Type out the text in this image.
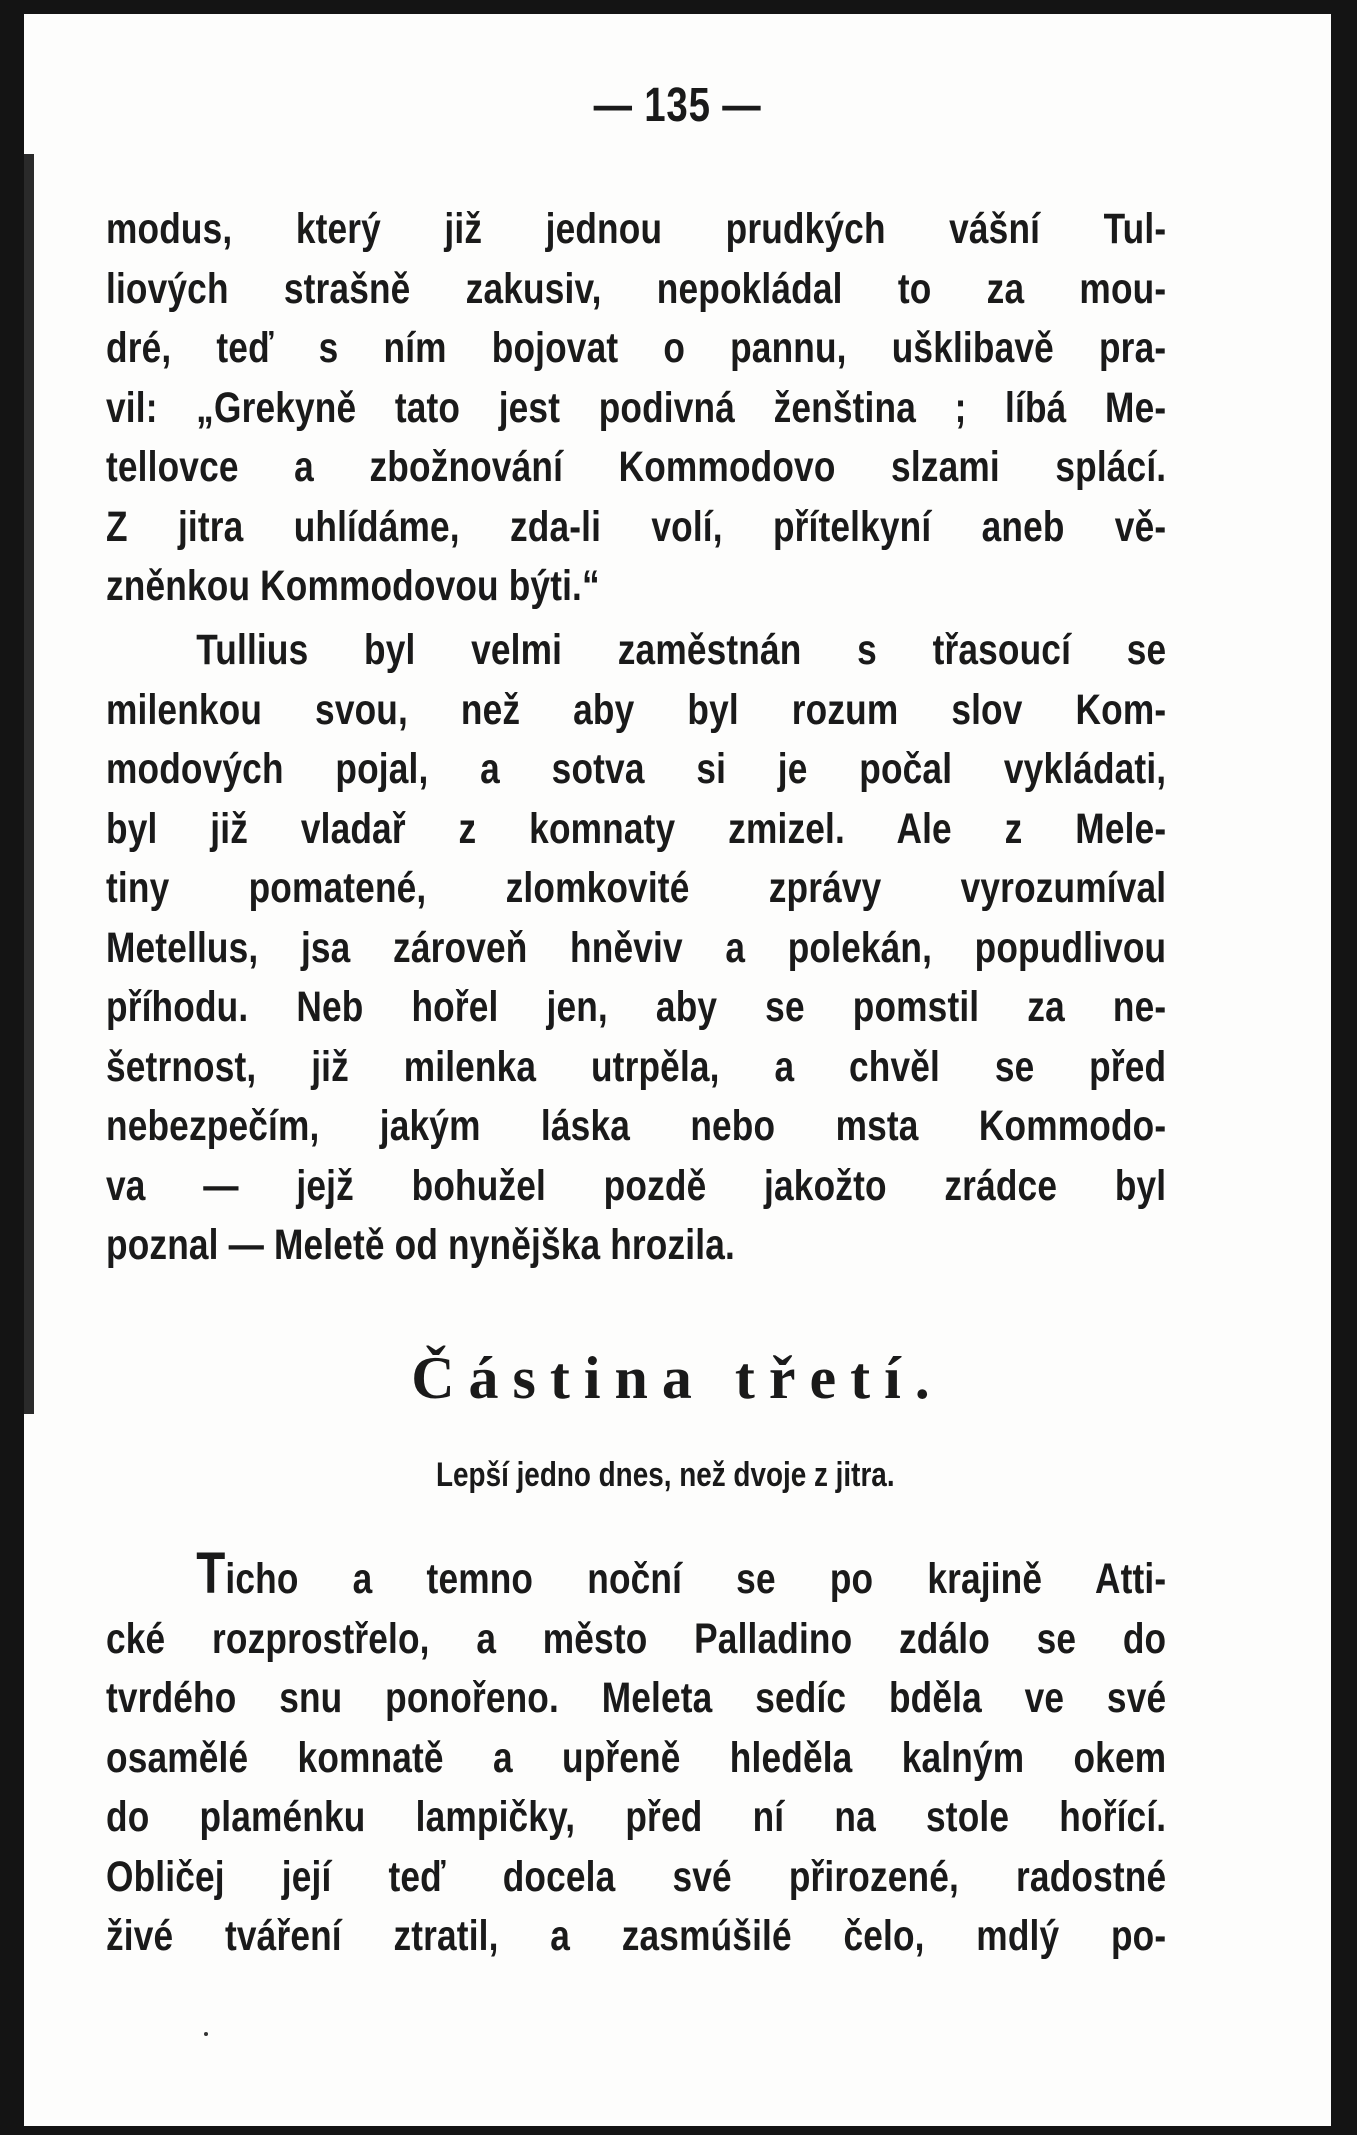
— 135 —
modus, který již jednou prudkých vášní Tul-
liových strašně zakusiv, nepokládal to za mou-
dré, teď s ním bojovat o pannu, ušklibavě pra-
vil: „Grekyně tato jest podivná ženština ; líbá Me-
tellovce a zbožnování Kommodovo slzami splácí.
Z jitra uhlídáme, zda-li volí, přítelkyní aneb vě-
zněnkou Kommodovou býti.“
Tullius byl velmi zaměstnán s třasoucí se
milenkou svou, než aby byl rozum slov Kom-
modových pojal, a sotva si je počal vykládati,
byl již vladař z komnaty zmizel. Ale z Mele-
tiny pomatené, zlomkovité zprávy vyrozumíval
Metellus, jsa zároveň hněviv a polekán, popudlivou
příhodu. Neb hořel jen, aby se pomstil za ne-
šetrnost, již milenka utrpěla, a chvěl se před
nebezpečím, jakým láska nebo msta Kommodo-
va — jejž bohužel pozdě jakožto zrádce byl
poznal — Meletě od nynějška hrozila.
Částina třetí.
Lepší jedno dnes, než dvoje z jitra.
Ticho a temno noční se po krajině Atti-
cké rozprostřelo, a město Palladino zdálo se do
tvrdého snu ponořeno. Meleta sedíc bděla ve své
osamělé komnatě a upřeně hleděla kalným okem
do plaménku lampičky, před ní na stole hořící.
Obličej její teď docela své přirozené, radostné
živé tváření ztratil, a zasmúšilé čelo, mdlý po-
